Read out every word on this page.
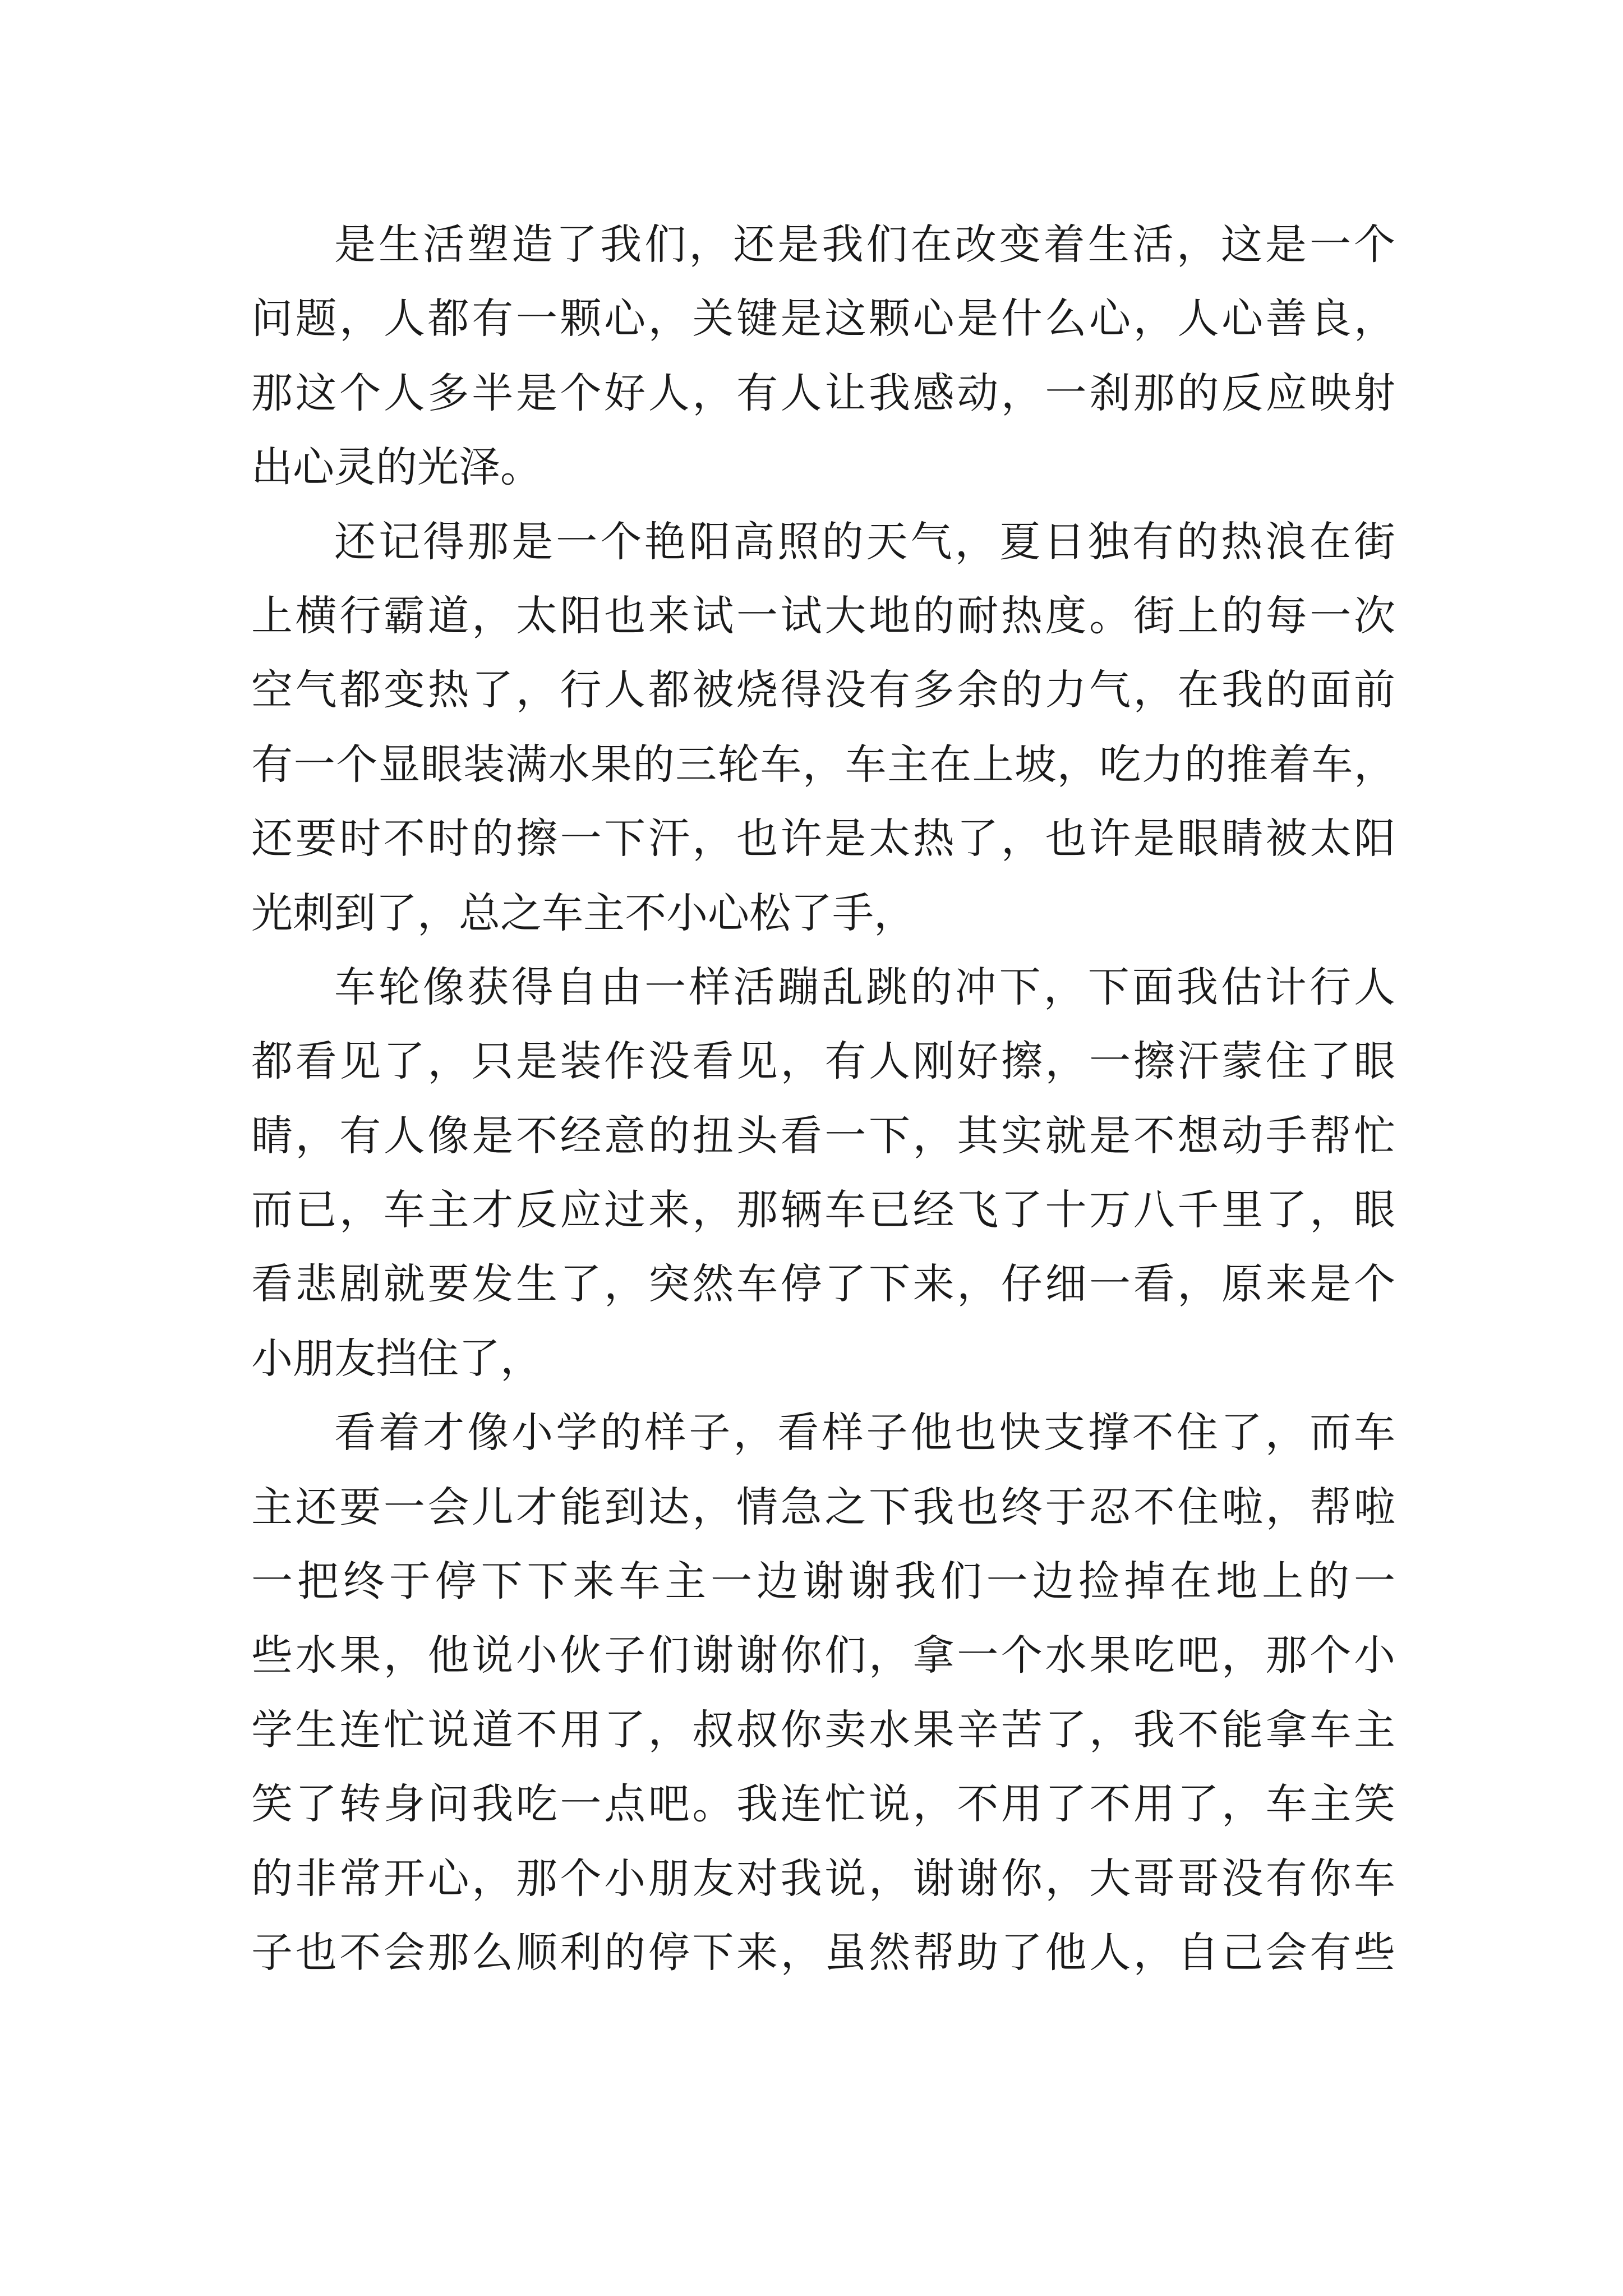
是生活塑造了我们，还是我们在改变着生活，这是一个
问题，人都有一颗心，关键是这颗心是什么心，人心善良，
那这个人多半是个好人，有人让我感动，一刹那的反应映射
出心灵的光泽。
还记得那是一个艳阳高照的天气，夏日独有的热浪在街
上横行霸道，太阳也来试一试大地的耐热度。街上的每一次
空气都变热了，行人都被烧得没有多余的力气，在我的面前
有一个显眼装满水果的三轮车，车主在上坡，吃力的推着车，
还要时不时的擦一下汗，也许是太热了，也许是眼睛被太阳
光刺到了，总之车主不小心松了手，
车轮像获得自由一样活蹦乱跳的冲下，下面我估计行人
都看见了，只是装作没看见，有人刚好擦，一擦汗蒙住了眼
睛，有人像是不经意的扭头看一下，其实就是不想动手帮忙
而已，车主才反应过来，那辆车已经飞了十万八千里了，眼
看悲剧就要发生了，突然车停了下来，仔细一看，原来是个
小朋友挡住了，
看着才像小学的样子，看样子他也快支撑不住了，而车
主还要一会儿才能到达，情急之下我也终于忍不住啦，帮啦
一把终于停下下来车主一边谢谢我们一边捡掉在地上的一
些水果，他说小伙子们谢谢你们，拿一个水果吃吧，那个小
学生连忙说道不用了，叔叔你卖水果辛苦了，我不能拿车主
笑了转身问我吃一点吧。我连忙说，不用了不用了，车主笑
的非常开心，那个小朋友对我说，谢谢你，大哥哥没有你车
子也不会那么顺利的停下来，虽然帮助了他人，自己会有些
